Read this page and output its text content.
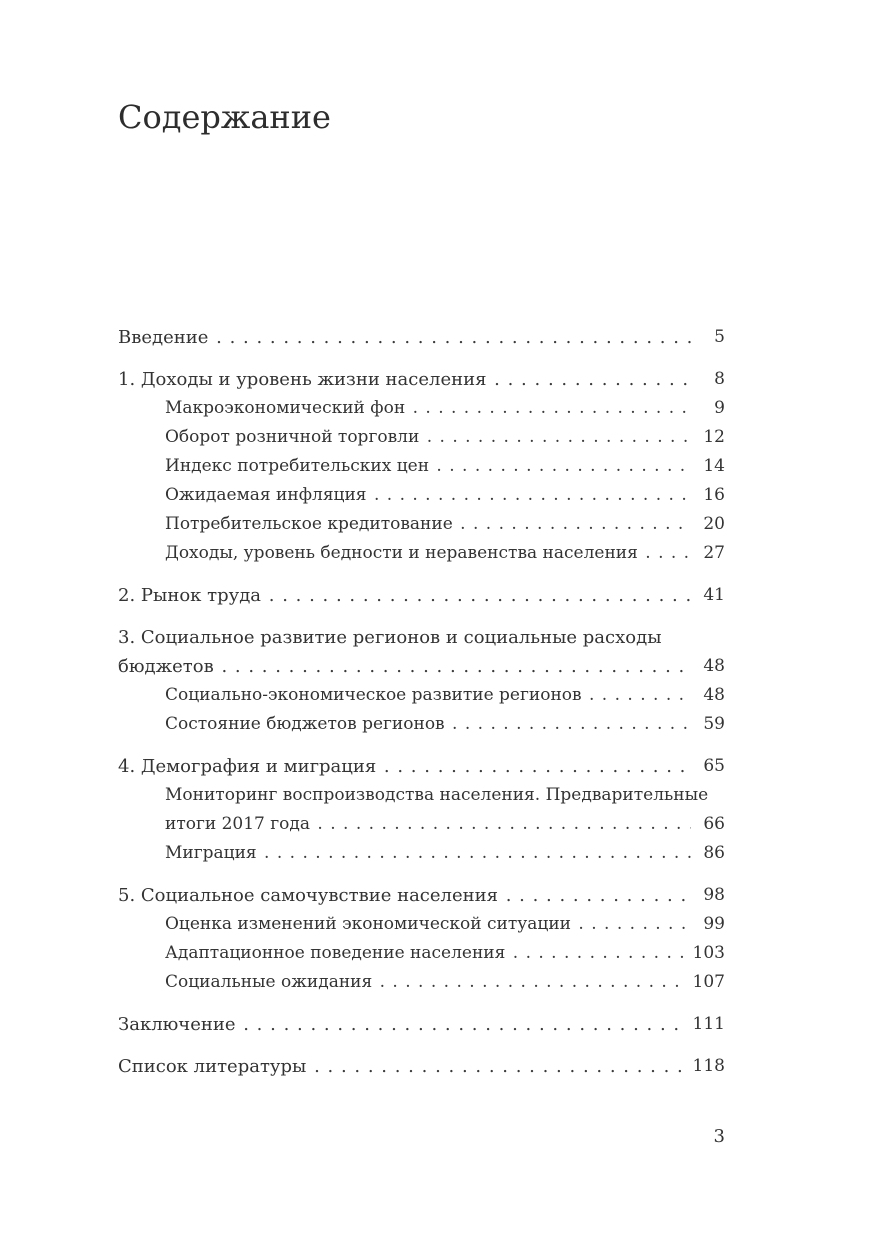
Содержание
Введение . . .	5
1. Доходы и уровень жизни населения . . .	8
Макроэкономический фон . . .	9
Оборот розничной торговли . . .	12
Индекс потребительских цен . . .	14
Ожидаемая инфляция . . .	16
Потребительское кредитование . . .	20
Доходы, уровень бедности и неравенства населения . . .	27
2. Рынок труда . . .	41
3. Социальное развитие регионов и социальные расходы бюджетов . . .	48
Социально-экономическое развитие регионов . . .	48
Состояние бюджетов регионов . . .	59
4. Демография и миграция . . .	65
Мониторинг воспроизводства населения. Предварительные итоги 2017 года . . .	66
Миграция . . .	86
5. Социальное самочувствие населения . . .	98
Оценка изменений экономической ситуации . . .	99
Адаптационное поведение населения . . .	103
Социальные ожидания . . .	107
Заключение . . .	111
Список литературы . . .	118
3
